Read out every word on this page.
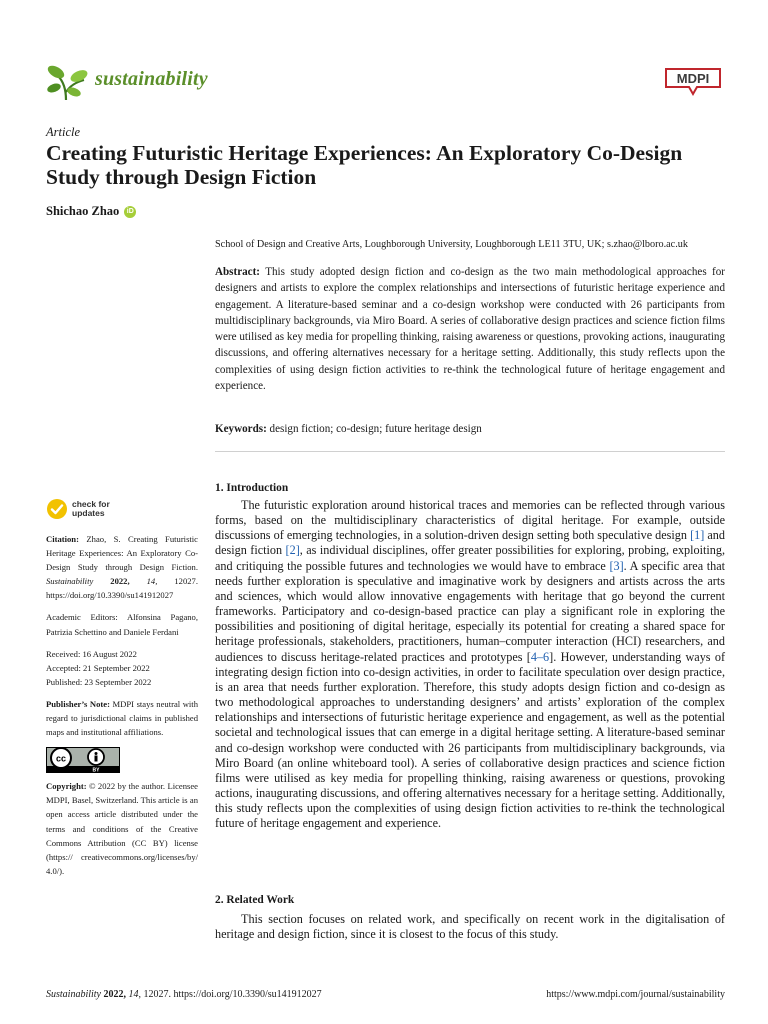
sustainability	MDPI
Article
Creating Futuristic Heritage Experiences: An Exploratory Co-Design Study through Design Fiction
Shichao Zhao	iD
School of Design and Creative Arts, Loughborough University, Loughborough LE11 3TU, UK; s.zhao@lboro.ac.uk
Abstract: This study adopted design fiction and co-design as the two main methodological approaches for designers and artists to explore the complex relationships and intersections of futuristic heritage experience and engagement. A literature-based seminar and a co-design workshop were conducted with 26 participants from multidisciplinary backgrounds, via Miro Board. A series of collaborative design practices and science fiction films were utilised as key media for propelling thinking, raising awareness or questions, provoking actions, inaugurating discussions, and offering alternatives necessary for a heritage setting. Additionally, this study reflects upon the complexities of using design fiction activities to re-think the technological future of heritage engagement and experience.
Keywords: design fiction; co-design; future heritage design
check for
updates
Citation: Zhao, S. Creating Futuristic Heritage Experiences: An Exploratory Co-Design Study through Design Fiction. Sustainability 2022, 14, 12027. https://doi.org/10.3390/su141912027
Academic Editors: Alfonsina Pagano, Patrizia Schettino and Daniele Ferdani
Received: 16 August 2022
Accepted: 21 September 2022
Published: 23 September 2022
Publisher’s Note: MDPI stays neutral with regard to jurisdictional claims in published maps and institutional affiliations.
cc
BY
Copyright: © 2022 by the author. Licensee MDPI, Basel, Switzerland. This article is an open access article distributed under the terms and conditions of the Creative Commons Attribution (CC BY) license (https:// creativecommons.org/licenses/by/ 4.0/).
1. Introduction

The futuristic exploration around historical traces and memories can be reflected through various forms, based on the multidisciplinary characteristics of digital heritage. For example, outside discussions of emerging technologies, in a solution-driven design setting both speculative design [1] and design fiction [2], as individual disciplines, offer greater possibilities for exploring, probing, exploiting, and critiquing the possible futures and technologies we would have to embrace [3]. A specific area that needs further exploration is speculative and imaginative work by designers and artists across the arts and sciences, which would allow innovative engagements with heritage that go beyond the current frameworks. Participatory and co-design-based practice can play a significant role in exploring the possibilities and positioning of digital heritage, especially its potential for creating a shared space for heritage professionals, stakeholders, practitioners, human–computer interaction (HCI) researchers, and audiences to discuss heritage-related practices and prototypes [4–6]. However, understanding ways of integrating design fiction into co-design activities, in order to facilitate speculation over design practice, is an area that needs further exploration. Therefore, this study adopts design fiction and co-design as two methodological approaches to understanding designers’ and artists’ exploration of the complex relationships and intersections of futuristic heritage experience and engagement, as well as the potential societal and technological issues that can emerge in a digital heritage setting. A literature-based seminar and co-design workshop were conducted with 26 participants from multidisciplinary backgrounds, via Miro Board (an online whiteboard tool). A series of collaborative design practices and science fiction films were utilised as key media for propelling thinking, raising awareness or questions, provoking actions, inaugurating discussions, and offering alternatives necessary for a heritage setting. Additionally, this study reflects upon the complexities of using design fiction activities to re-think the technological future of heritage engagement and experience.

2. Related Work

This section focuses on related work, and specifically on recent work in the digitalisation of heritage and design fiction, since it is closest to the focus of this study.

Sustainability 2022, 14, 12027. https://doi.org/10.3390/su141912027	https://www.mdpi.com/journal/sustainability
